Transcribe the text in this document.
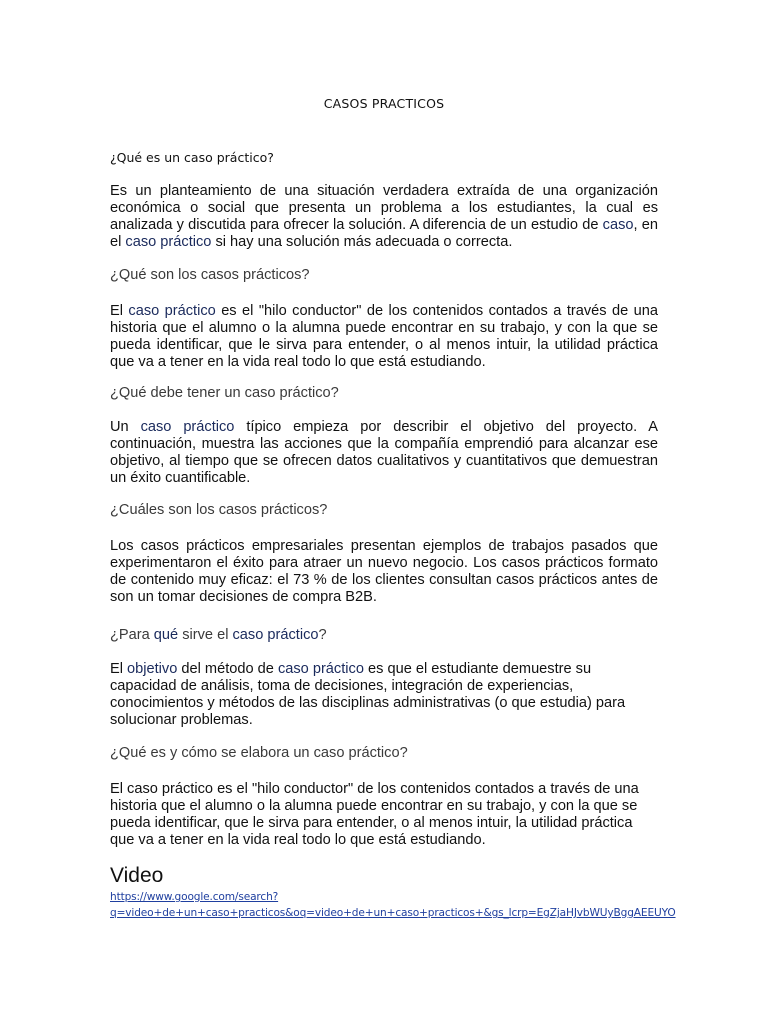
CASOS PRACTICOS
¿Qué es un caso práctico?
Es un planteamiento de una situación verdadera extraída de una organización económica o social que presenta un problema a los estudiantes, la cual es analizada y discutida para ofrecer la solución. A diferencia de un estudio de caso, en el caso práctico si hay una solución más adecuada o correcta.
¿Qué son los casos prácticos?
El caso práctico es el "hilo conductor" de los contenidos contados a través de una historia que el alumno o la alumna puede encontrar en su trabajo, y con la que se pueda identificar, que le sirva para entender, o al menos intuir, la utilidad práctica que va a tener en la vida real todo lo que está estudiando.
¿Qué debe tener un caso práctico?
Un caso práctico típico empieza por describir el objetivo del proyecto. A continuación, muestra las acciones que la compañía emprendió para alcanzar ese objetivo, al tiempo que se ofrecen datos cualitativos y cuantitativos que demuestran un éxito cuantificable.
¿Cuáles son los casos prácticos?
Los casos prácticos empresariales presentan ejemplos de trabajos pasados que experimentaron el éxito para atraer un nuevo negocio. Los casos prácticos formato de contenido muy eficaz: el 73 % de los clientes consultan casos prácticos antes de son un tomar decisiones de compra B2B.
¿Para qué sirve el caso práctico?
El objetivo del método de caso práctico es que el estudiante demuestre su capacidad de análisis, toma de decisiones, integración de experiencias, conocimientos y métodos de las disciplinas administrativas (o que estudia) para solucionar problemas.
¿Qué es y cómo se elabora un caso práctico?
El caso práctico es el "hilo conductor" de los contenidos contados a través de una historia que el alumno o la alumna puede encontrar en su trabajo, y con la que se pueda identificar, que le sirva para entender, o al menos intuir, la utilidad práctica que va a tener en la vida real todo lo que está estudiando.
Video
https://www.google.com/search?
q=video+de+un+caso+practicos&oq=video+de+un+caso+practicos+&gs_lcrp=EgZjaHJvbWUyBggAEEUYO
